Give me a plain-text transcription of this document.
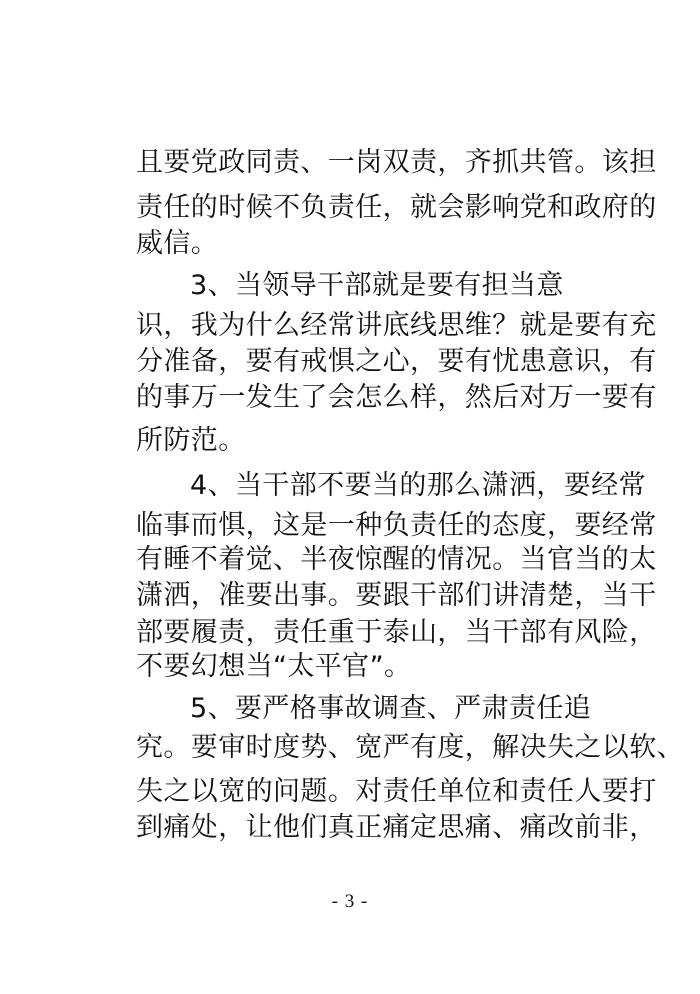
且要党政同责、一岗双责，齐抓共管。该担
责任的时候不负责任，就会影响党和政府的
威信。
3、当领导干部就是要有担当意
识，我为什么经常讲底线思维？就是要有充
分准备，要有戒惧之心，要有忧患意识，有
的事万一发生了会怎么样，然后对万一要有
所防范。
4、当干部不要当的那么潇洒，要经常
临事而惧，这是一种负责任的态度，要经常
有睡不着觉、半夜惊醒的情况。当官当的太
潇洒，准要出事。要跟干部们讲清楚，当干
部要履责，责任重于泰山，当干部有风险，
不要幻想当“太平官”。
5、要严格事故调查、严肃责任追
究。要审时度势、宽严有度，解决失之以软、
失之以宽的问题。对责任单位和责任人要打
到痛处，让他们真正痛定思痛、痛改前非，
- 3 -
